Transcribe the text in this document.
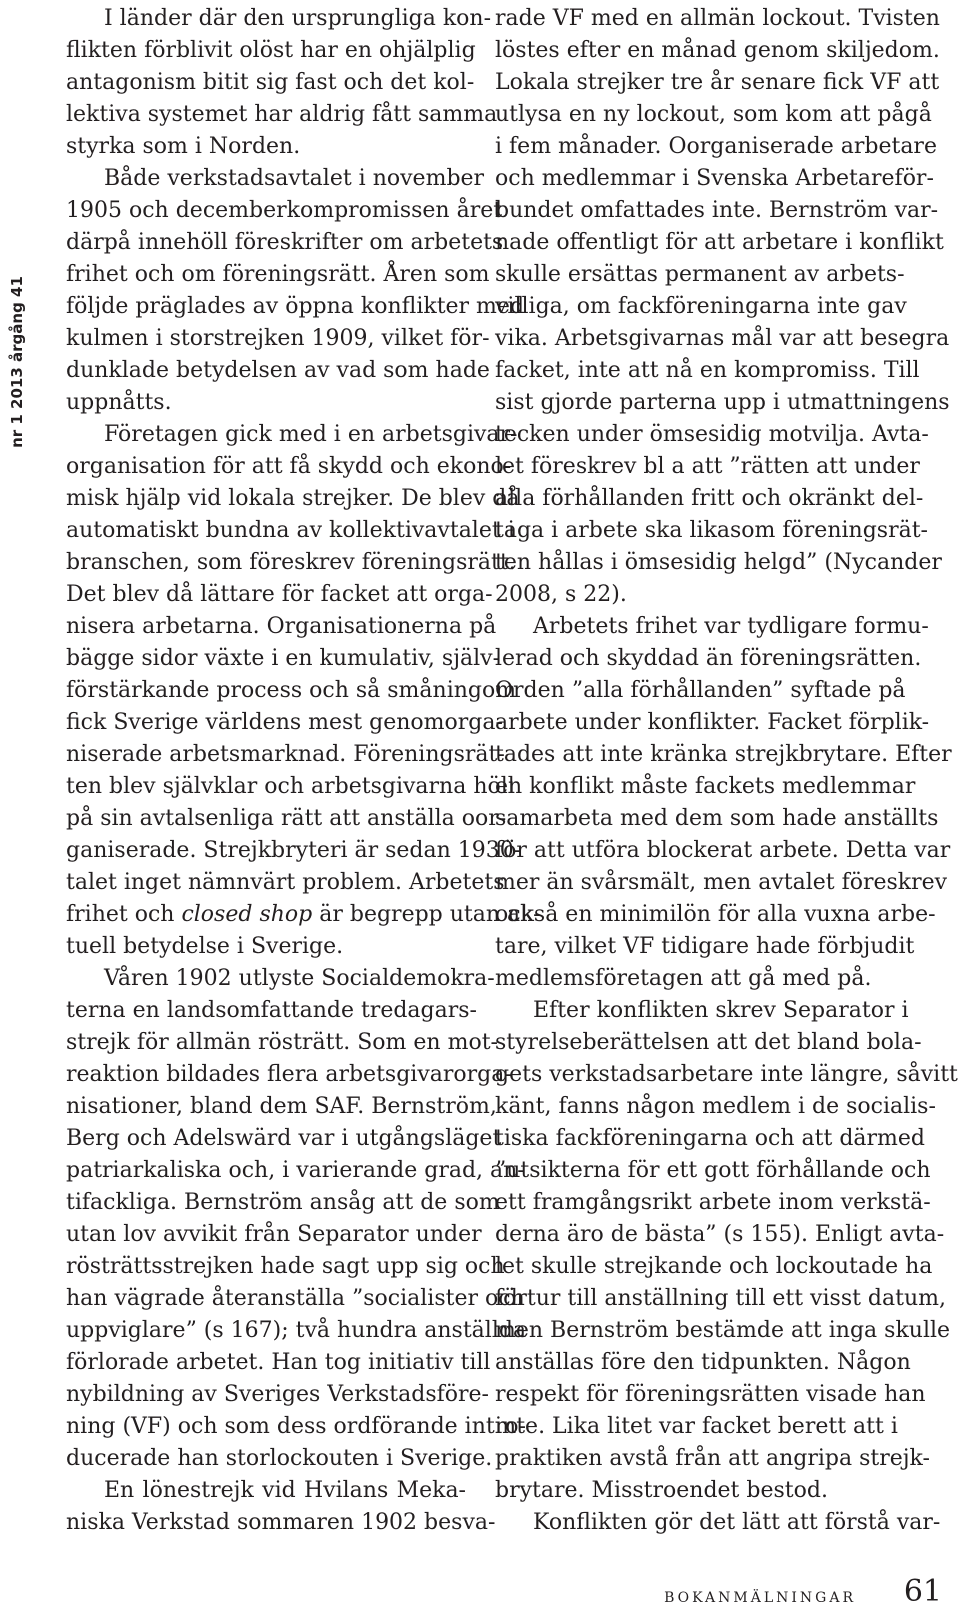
nr 1 2013 årgång 41
I länder där den ursprungliga kon-
flikten förblivit olöst har en ohjälplig
antagonism bitit sig fast och det kol-
lektiva systemet har aldrig fått samma
styrka som i Norden.
Både verkstadsavtalet i november
1905 och decemberkompromissen året
därpå innehöll föreskrifter om arbetets
frihet och om föreningsrätt. Åren som
följde präglades av öppna konflikter med
kulmen i storstrejken 1909, vilket för-
dunklade betydelsen av vad som hade
uppnåtts.
Företagen gick med i en arbetsgivar-
organisation för att få skydd och ekono-
misk hjälp vid lokala strejker. De blev då
automatiskt bundna av kollektivavtalet i
branschen, som föreskrev föreningsrätt.
Det blev då lättare för facket att orga-
nisera arbetarna. Organisationerna på
bägge sidor växte i en kumulativ, själv-
förstärkande process och så småningom
fick Sverige världens mest genomorga-
niserade arbetsmarknad. Föreningsrät-
ten blev självklar och arbetsgivarna höll
på sin avtalsenliga rätt att anställa oor-
ganiserade. Strejkbryteri är sedan 1930-
talet inget nämnvärt problem. Arbetets
frihet och closed shop är begrepp utan ak-
tuell betydelse i Sverige.
Våren 1902 utlyste Socialdemokra-
terna en landsomfattande tredagars-
strejk för allmän rösträtt. Som en mot-
reaktion bildades flera arbetsgivarorga-
nisationer, bland dem SAF. Bernström,
Berg och Adelswärd var i utgångsläget
patriarkaliska och, i varierande grad, an-
tifackliga. Bernström ansåg att de som
utan lov avvikit från Separator under
rösträttsstrejken hade sagt upp sig och
han vägrade återanställa ”socialister och
uppviglare” (s 167); två hundra anställda
förlorade arbetet. Han tog initiativ till
nybildning av Sveriges Verkstadsföre-
ning (VF) och som dess ordförande intro-
ducerade han storlockouten i Sverige.
En lönestrejk vid Hvilans Meka-
niska Verkstad sommaren 1902 besva-
rade VF med en allmän lockout. Tvisten
löstes efter en månad genom skiljedom.
Lokala strejker tre år senare fick VF att
utlysa en ny lockout, som kom att pågå
i fem månader. Oorganiserade arbetare
och medlemmar i Svenska Arbetareför-
bundet omfattades inte. Bernström var-
nade offentligt för att arbetare i konflikt
skulle ersättas permanent av arbets-
villiga, om fackföreningarna inte gav
vika. Arbetsgivarnas mål var att besegra
facket, inte att nå en kompromiss. Till
sist gjorde parterna upp i utmattningens
tecken under ömsesidig motvilja. Avta-
let föreskrev bl a att ”rätten att under
alla förhållanden fritt och okränkt del-
taga i arbete ska likasom föreningsrät-
ten hållas i ömsesidig helgd” (Nycander
2008, s 22).
Arbetets frihet var tydligare formu-
lerad och skyddad än föreningsrätten.
Orden ”alla förhållanden” syftade på
arbete under konflikter. Facket förplik-
tades att inte kränka strejkbrytare. Efter
en konflikt måste fackets medlemmar
samarbeta med dem som hade anställts
för att utföra blockerat arbete. Detta var
mer än svårsmält, men avtalet föreskrev
också en minimilön för alla vuxna arbe-
tare, vilket VF tidigare hade förbjudit
medlemsföretagen att gå med på.
Efter konflikten skrev Separator i
styrelseberättelsen att det bland bola-
gets verkstadsarbetare inte längre, såvitt
känt, fanns någon medlem i de socialis-
tiska fackföreningarna och att därmed
”utsikterna för ett gott förhållande och
ett framgångsrikt arbete inom verkstä-
derna äro de bästa” (s 155). Enligt avta-
let skulle strejkande och lockoutade ha
förtur till anställning till ett visst datum,
men Bernström bestämde att inga skulle
anställas före den tidpunkten. Någon
respekt för föreningsrätten visade han
inte. Lika litet var facket berett att i
praktiken avstå från att angripa strejk-
brytare. Misstroendet bestod.
Konflikten gör det lätt att förstå var-
BOKANMÄLNINGAR 61
